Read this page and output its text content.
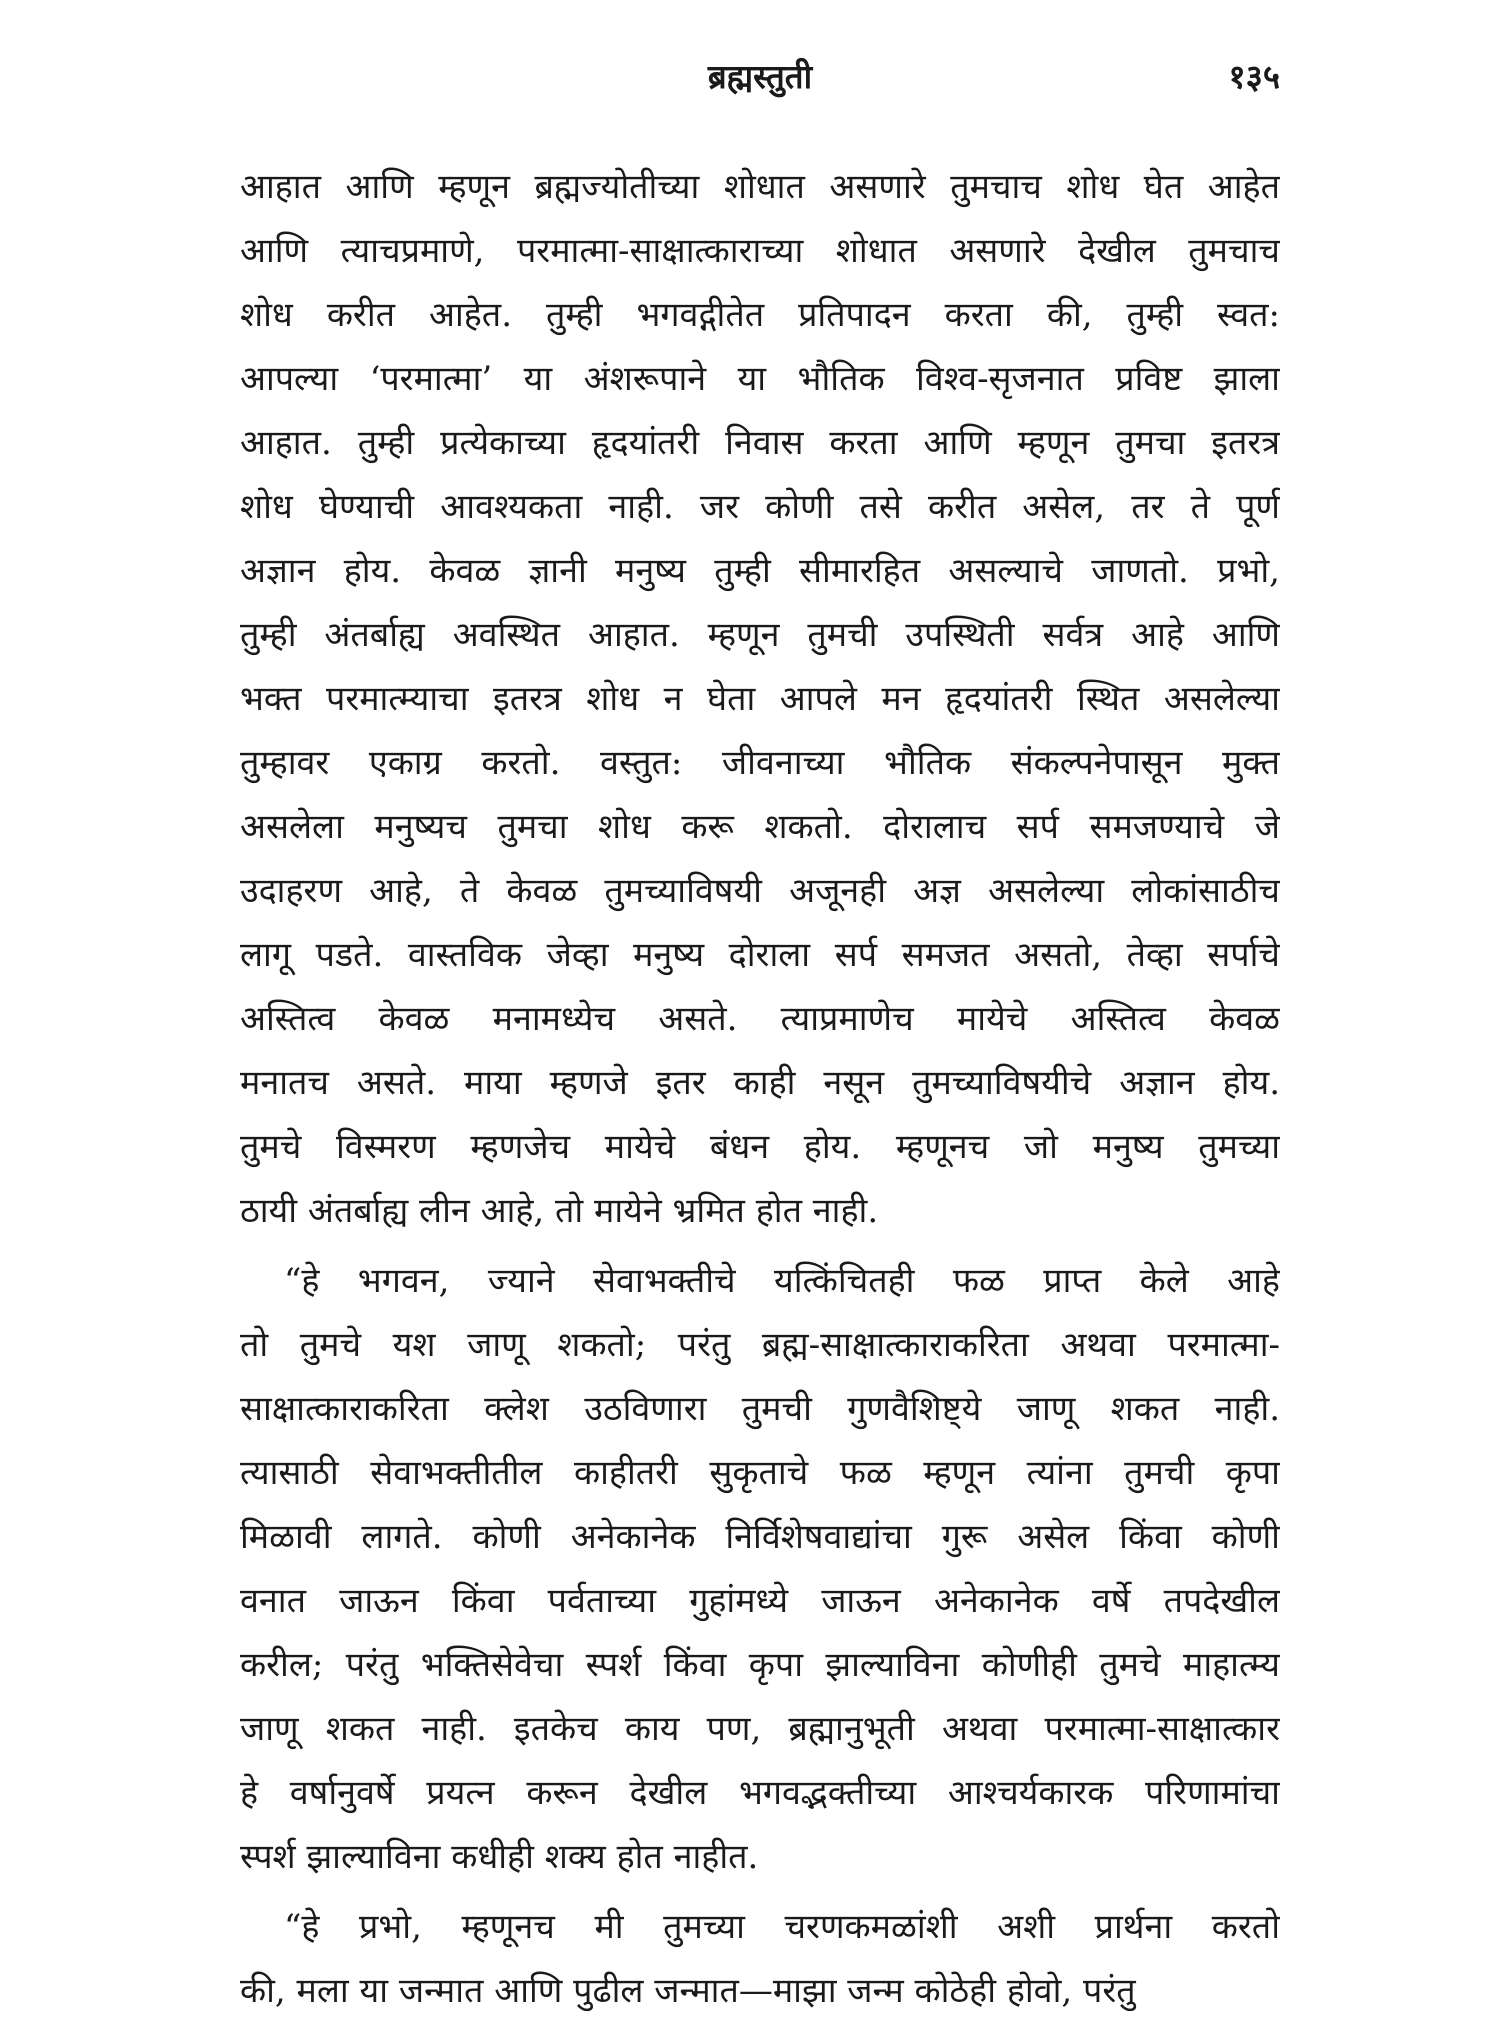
ब्रह्मस्तुती	१३५
आहात आणि म्हणून ब्रह्मज्योतीच्या शोधात असणारे तुमचाच शोध घेत आहेत
आणि त्याचप्रमाणे, परमात्मा-साक्षात्काराच्या शोधात असणारे देखील तुमचाच
शोध करीत आहेत. तुम्ही भगवद्गीतेत प्रतिपादन करता की, तुम्ही स्वत:
आपल्या ‘परमात्मा’ या अंशरूपाने या भौतिक विश्व-सृजनात प्रविष्ट झाला
आहात. तुम्ही प्रत्येकाच्या हृदयांतरी निवास करता आणि म्हणून तुमचा इतरत्र
शोध घेण्याची आवश्यकता नाही. जर कोणी तसे करीत असेल, तर ते पूर्ण
अज्ञान होय. केवळ ज्ञानी मनुष्य तुम्ही सीमारहित असल्याचे जाणतो. प्रभो,
तुम्ही अंतर्बाह्य अवस्थित आहात. म्हणून तुमची उपस्थिती सर्वत्र आहे आणि
भक्त परमात्म्याचा इतरत्र शोध न घेता आपले मन हृदयांतरी स्थित असलेल्या
तुम्हावर एकाग्र करतो. वस्तुत: जीवनाच्या भौतिक संकल्पनेपासून मुक्त
असलेला मनुष्यच तुमचा शोध करू शकतो. दोरालाच सर्प समजण्याचे जे
उदाहरण आहे, ते केवळ तुमच्याविषयी अजूनही अज्ञ असलेल्या लोकांसाठीच
लागू पडते. वास्तविक जेव्हा मनुष्य दोराला सर्प समजत असतो, तेव्हा सर्पाचे
अस्तित्व केवळ मनामध्येच असते. त्याप्रमाणेच मायेचे अस्तित्व केवळ
मनातच असते. माया म्हणजे इतर काही नसून तुमच्याविषयीचे अज्ञान होय.
तुमचे विस्मरण म्हणजेच मायेचे बंधन होय. म्हणूनच जो मनुष्य तुमच्या
ठायी अंतर्बाह्य लीन आहे, तो मायेने भ्रमित होत नाही.
“हे भगवन, ज्याने सेवाभक्तीचे यत्किंचितही फळ प्राप्त केले आहे
तो तुमचे यश जाणू शकतो; परंतु ब्रह्म-साक्षात्काराकरिता अथवा परमात्मा-
साक्षात्काराकरिता क्लेश उठविणारा तुमची गुणवैशिष्ट्ये जाणू शकत नाही.
त्यासाठी सेवाभक्तीतील काहीतरी सुकृताचे फळ म्हणून त्यांना तुमची कृपा
मिळावी लागते. कोणी अनेकानेक निर्विशेषवाद्यांचा गुरू असेल किंवा कोणी
वनात जाऊन किंवा पर्वताच्या गुहांमध्ये जाऊन अनेकानेक वर्षे तपदेखील
करील; परंतु भक्तिसेवेचा स्पर्श किंवा कृपा झाल्याविना कोणीही तुमचे माहात्म्य
जाणू शकत नाही. इतकेच काय पण, ब्रह्मानुभूती अथवा परमात्मा-साक्षात्कार
हे वर्षानुवर्षे प्रयत्न करून देखील भगवद्भक्तीच्या आश्चर्यकारक परिणामांचा
स्पर्श झाल्याविना कधीही शक्य होत नाहीत.
“हे प्रभो, म्हणूनच मी तुमच्या चरणकमळांशी अशी प्रार्थना करतो
की, मला या जन्मात आणि पुढील जन्मात—माझा जन्म कोठेही होवो, परंतु
